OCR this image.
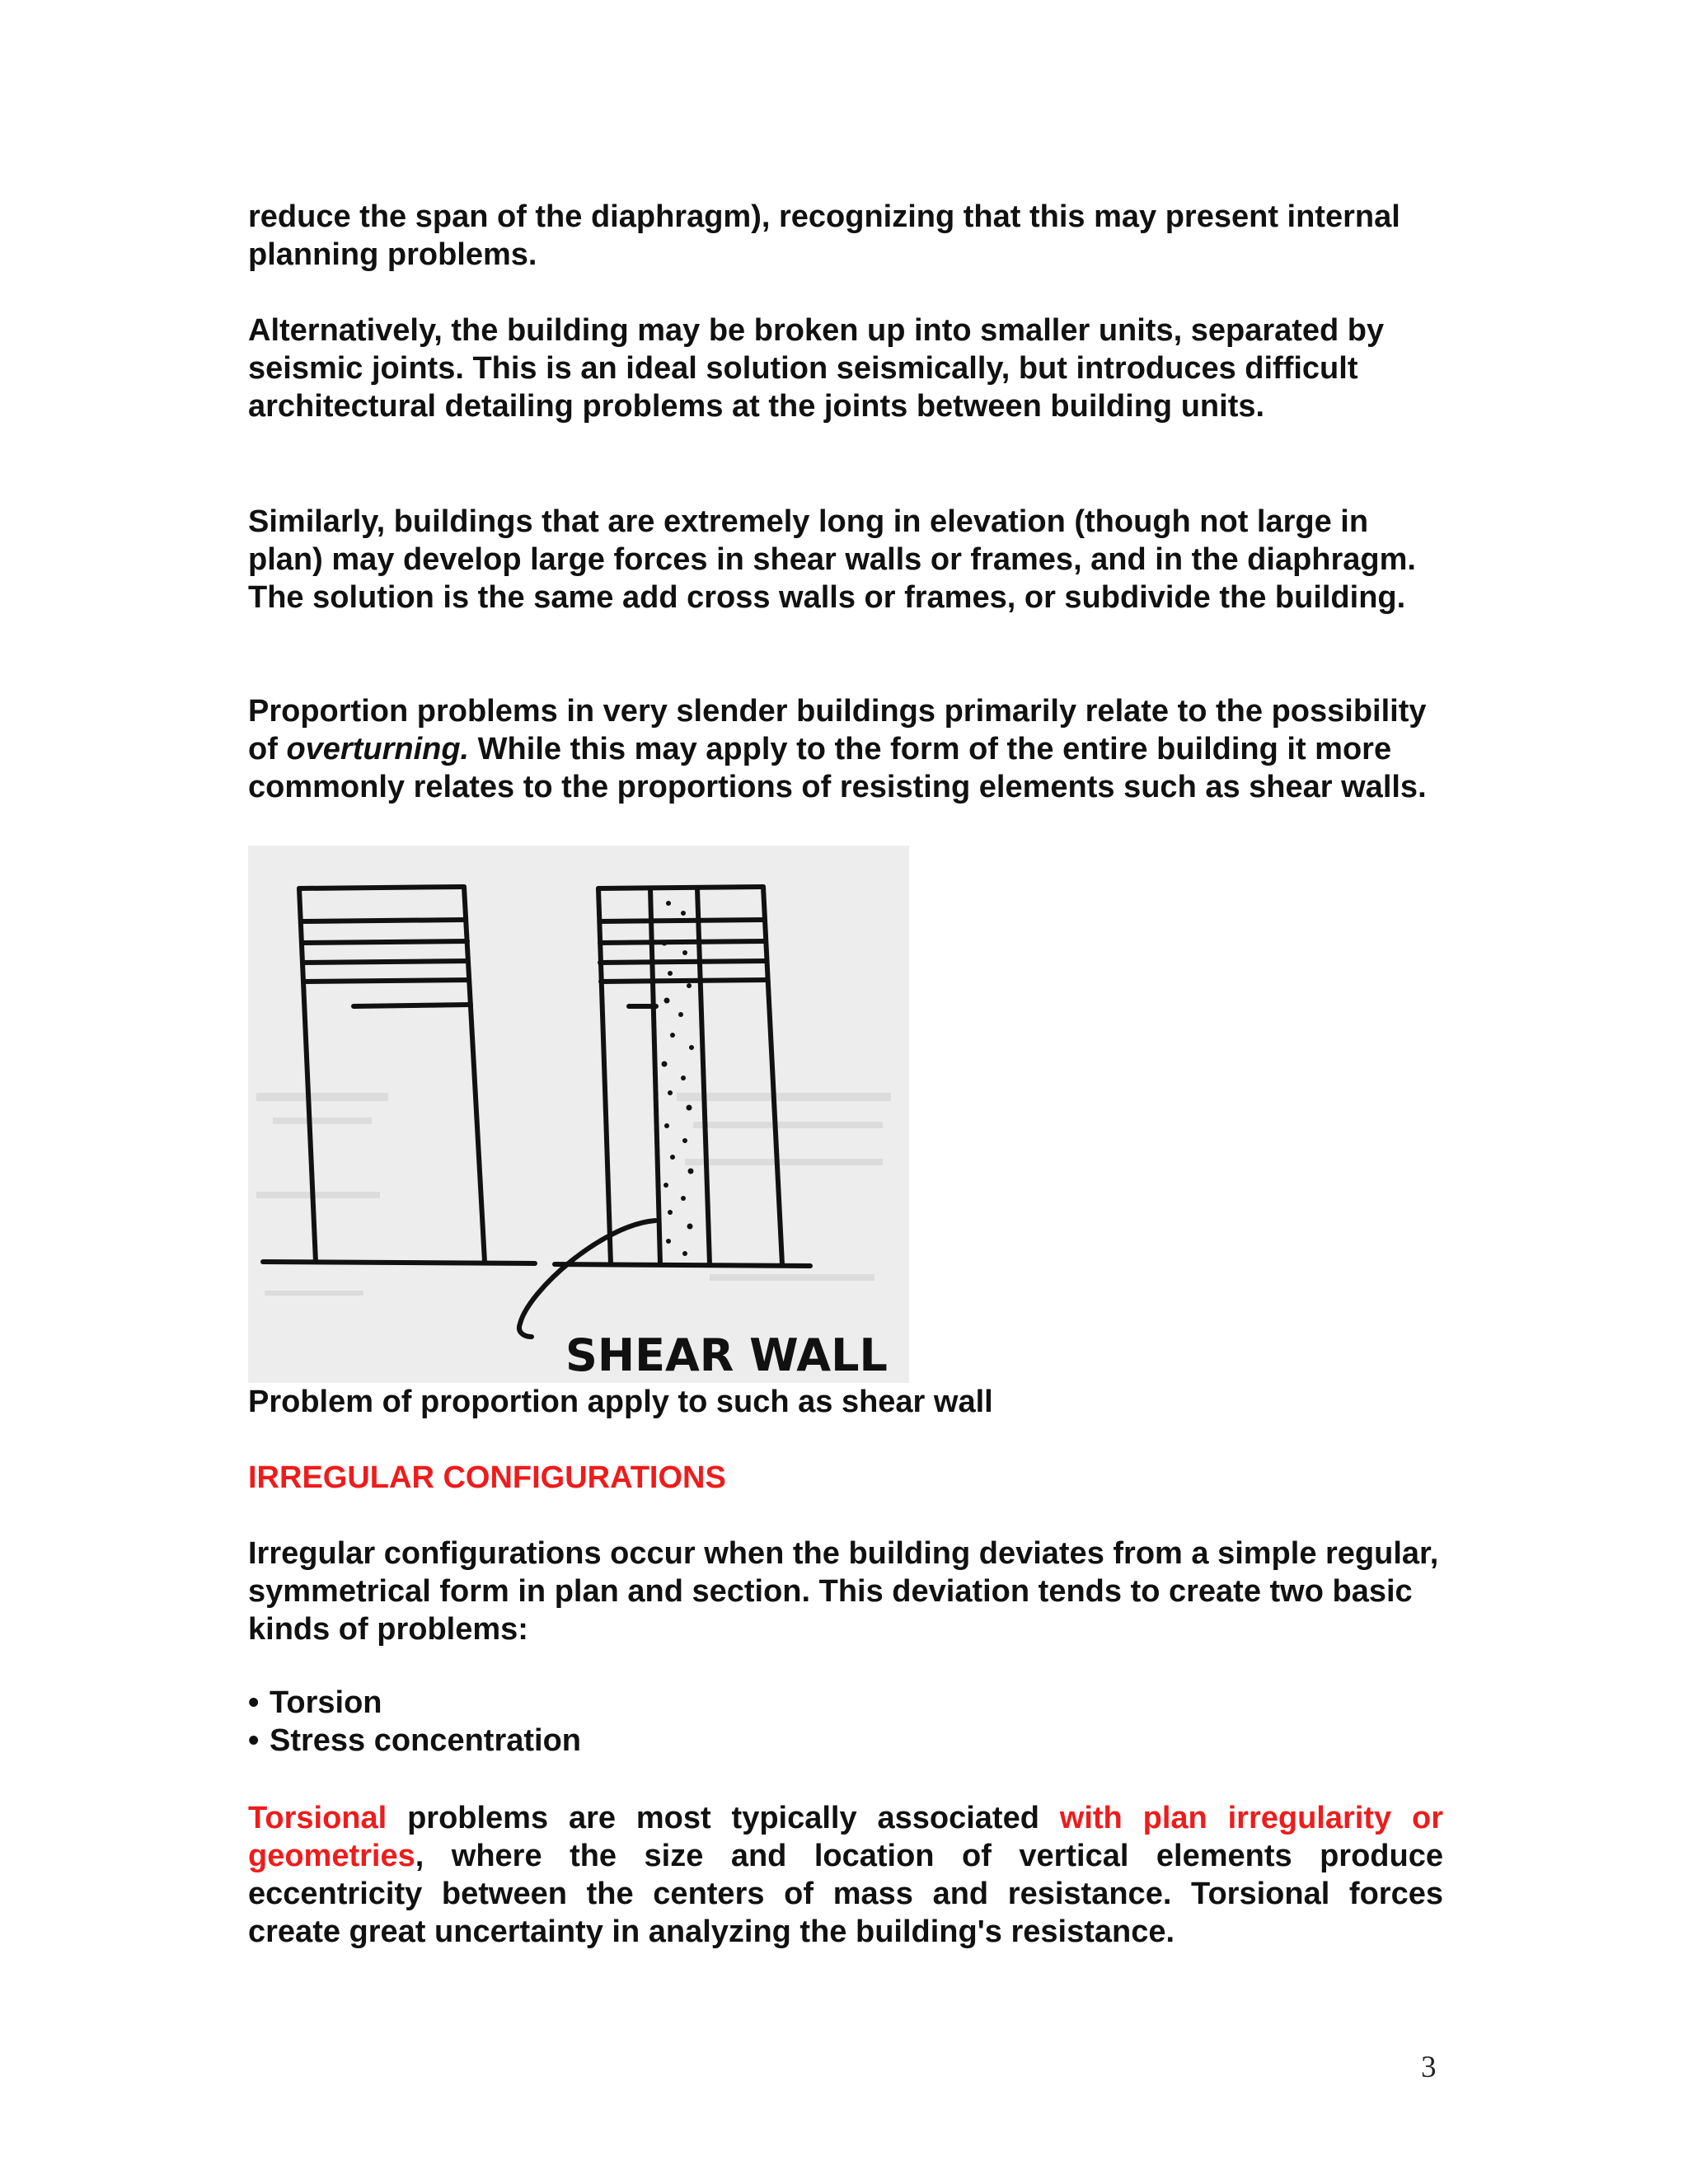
reduce the span of the diaphragm), recognizing that this may present internal planning problems.

Alternatively, the building may be broken up into smaller units, separated by seismic joints. This is an ideal solution seismically, but introduces difficult architectural detailing problems at the joints between building units.

Similarly, buildings that are extremely long in elevation (though not large in plan) may develop large forces in shear walls or frames, and in the diaphragm. The solution is the same add cross walls or frames, or subdivide the building.

Proportion problems in very slender buildings primarily relate to the possibility of overturning. While this may apply to the form of the entire building it more commonly relates to the proportions of resisting elements such as shear walls.

SHEAR WALL

Problem of proportion apply to such as shear wall

IRREGULAR CONFIGURATIONS

Irregular configurations occur when the building deviates from a simple regular, symmetrical form in plan and section. This deviation tends to create two basic kinds of problems:

• Torsion
• Stress concentration

Torsional problems are most typically associated with plan irregularity or geometries, where the size and location of vertical elements produce eccentricity between the centers of mass and resistance. Torsional forces create great uncertainty in analyzing the building's resistance.

3
